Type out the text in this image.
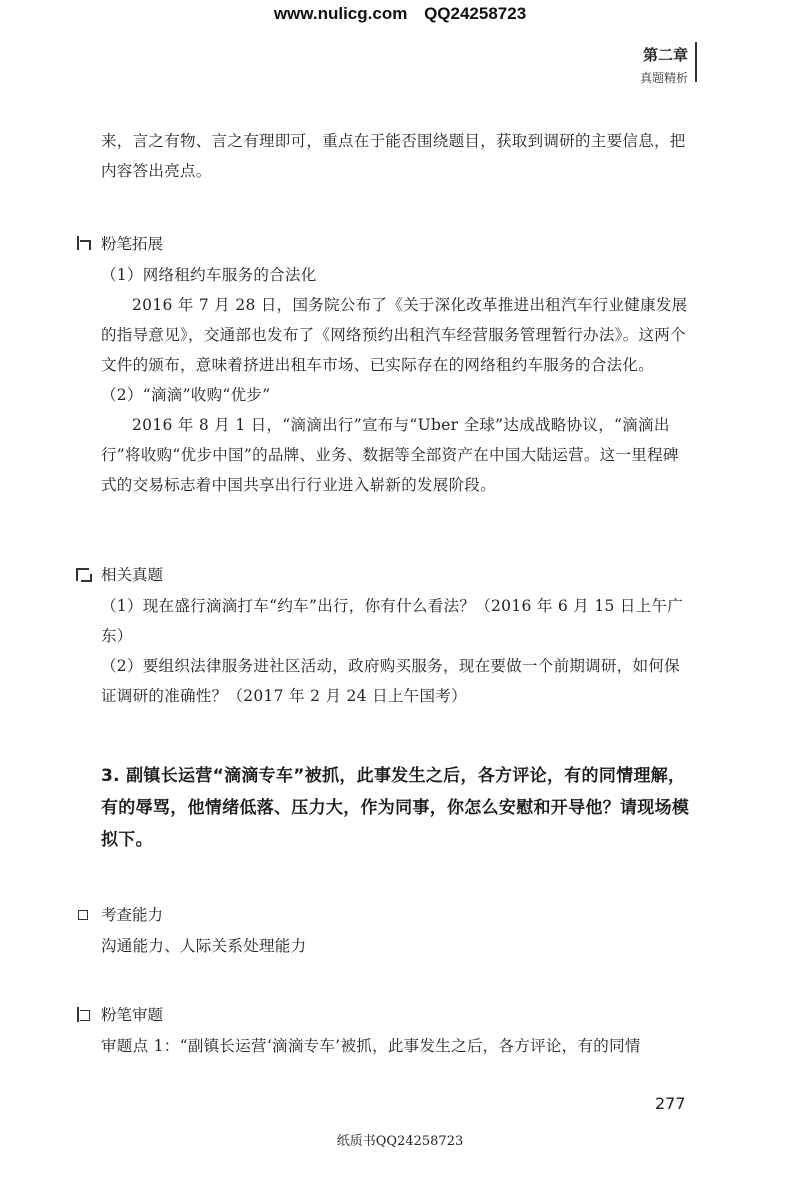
www.nulicg.com QQ24258723
第二章
真题精析

来，言之有物、言之有理即可，重点在于能否围绕题目，获取到调研的主要信息，把内容答出亮点。

粉笔拓展

（1）网络租约车服务的合法化

2016 年 7 月 28 日，国务院公布了《关于深化改革推进出租汽车行业健康发展的指导意见》，交通部也发布了《网络预约出租汽车经营服务管理暂行办法》。这两个文件的颁布，意味着挤进出租车市场、已实际存在的网络租约车服务的合法化。

（2）“滴滴”收购“优步”

2016 年 8 月 1 日，“滴滴出行”宣布与“Uber 全球”达成战略协议，“滴滴出行”将收购“优步中国”的品牌、业务、数据等全部资产在中国大陆运营。这一里程碑式的交易标志着中国共享出行行业进入崭新的发展阶段。

相关真题

（1）现在盛行滴滴打车“约车”出行，你有什么看法？（2016 年 6 月 15 日上午广东）

（2）要组织法律服务进社区活动，政府购买服务，现在要做一个前期调研，如何保证调研的准确性？（2017 年 2 月 24 日上午国考）

3. 副镇长运营“滴滴专车”被抓，此事发生之后，各方评论，有的同情理解，有的辱骂，他情绪低落、压力大，作为同事，你怎么安慰和开导他？请现场模拟下。

考查能力

沟通能力、人际关系处理能力

粉笔审题

审题点 1：“副镇长运营‘滴滴专车’被抓，此事发生之后，各方评论，有的同情

277
纸质书QQ24258723
